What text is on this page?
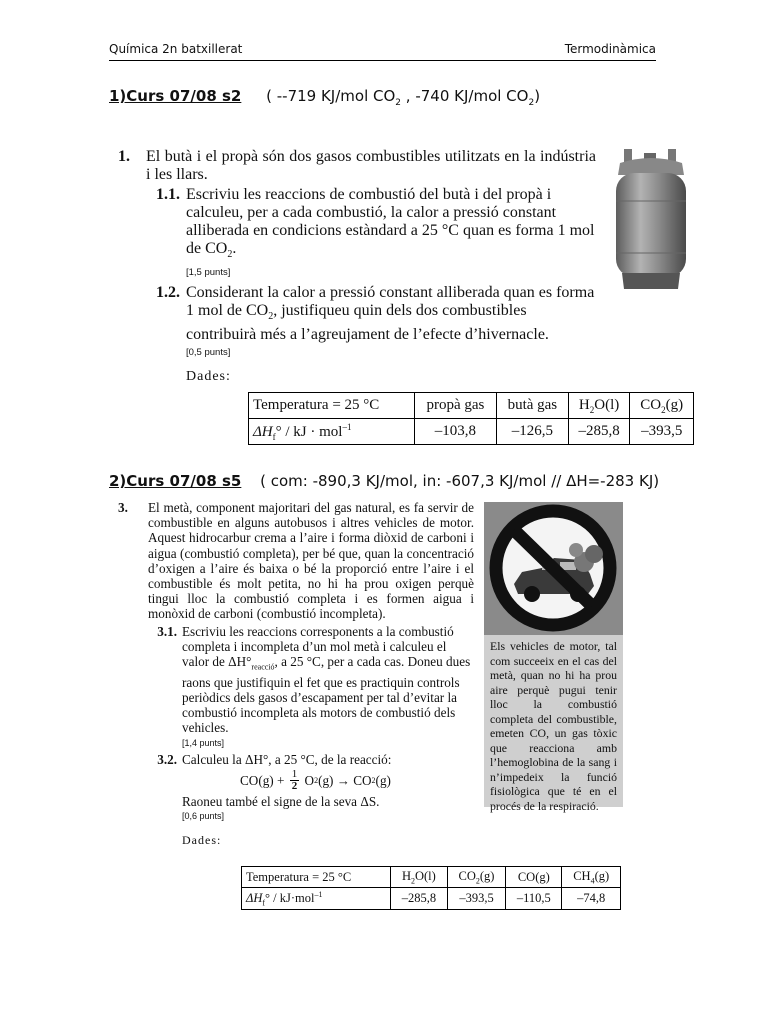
Química 2n batxillerat	Termodinàmica
1)Curs 07/08 s2 ( --719 KJ/mol $CO_2$ , -740 KJ/mol $CO_2$)
1.	El butà i el propà són dos gasos combustibles utilitzats en la indústria i les llars.
1.1. Escriviu les reaccions de combustió del butà i del propà i calculeu, per a cada combustió, la calor a pressió constant alliberada en condicions estàndard a 25 °C quan es forma 1 mol de $CO_2$.
[1,5 punts]
1.2. Considerant la calor a pressió constant alliberada quan es forma 1 mol de $CO_2$, justifiqueu quin dels dos combustibles contribuirà més a l’agreujament de l’efecte d’hivernacle.
[0,5 punts]
Dades:
Temperatura = 25 °C	propà gas	butà gas	$H_2O(l)$	$CO_2(g)$
$\Delta H_f^\circ$ / kJ · mol$^{-1}$	–103,8	–126,5	–285,8	–393,5
2)Curs 07/08 s5 ( com: -890,3 KJ/mol, in: -607,3 KJ/mol // ΔH=-283 KJ)
3.	El metà, component majoritari del gas natural, es fa servir de combustible en alguns autobusos i altres vehicles de motor. Aquest hidrocarbur crema a l’aire i forma diòxid de carboni i aigua (combustió completa), per bé que, quan la concentració d’oxigen a l’aire és baixa o bé la proporció entre l’aire i el combustible és molt petita, no hi ha prou oxigen perquè tingui lloc la combustió completa i es formen aigua i monòxid de carboni (combustió incompleta).
3.1. Escriviu les reaccions corresponents a la combustió completa i incompleta d’un mol metà i calculeu el valor de $\Delta H^\circ_{reacció}$, a 25 °C, per a cada cas. Doneu dues raons que justifiquin el fet que es practiquin controls periòdics dels gasos d’escapament per tal d’evitar la combustió incompleta als motors de combustió dels vehicles.
[1,4 punts]
3.2. Calculeu la ΔH°, a 25 °C, de la reacció:
$CO(g) + \frac{1}{2}$ O 2 (g) → CO 2 (g)
Raoneu també el signe de la seva ΔS.
[0,6 punts]
Dades:
Els vehicles de motor, tal com succeeix en el cas del metà, quan no hi ha prou aire perquè pugui tenir lloc la combustió completa del combustible, emeten CO, un gas tòxic que reacciona amb l’hemoglobina de la sang i n’impedeix la funció fisiològica que té en el procés de la respiració.
Temperatura = 25 °C	$H_2O(l)$	$CO_2(g)$	CO(g)	$CH_4(g)$
$\Delta H_f^\circ / kJ\cdot mol^{-1}$	–285,8	–393,5	–110,5	–74,8
